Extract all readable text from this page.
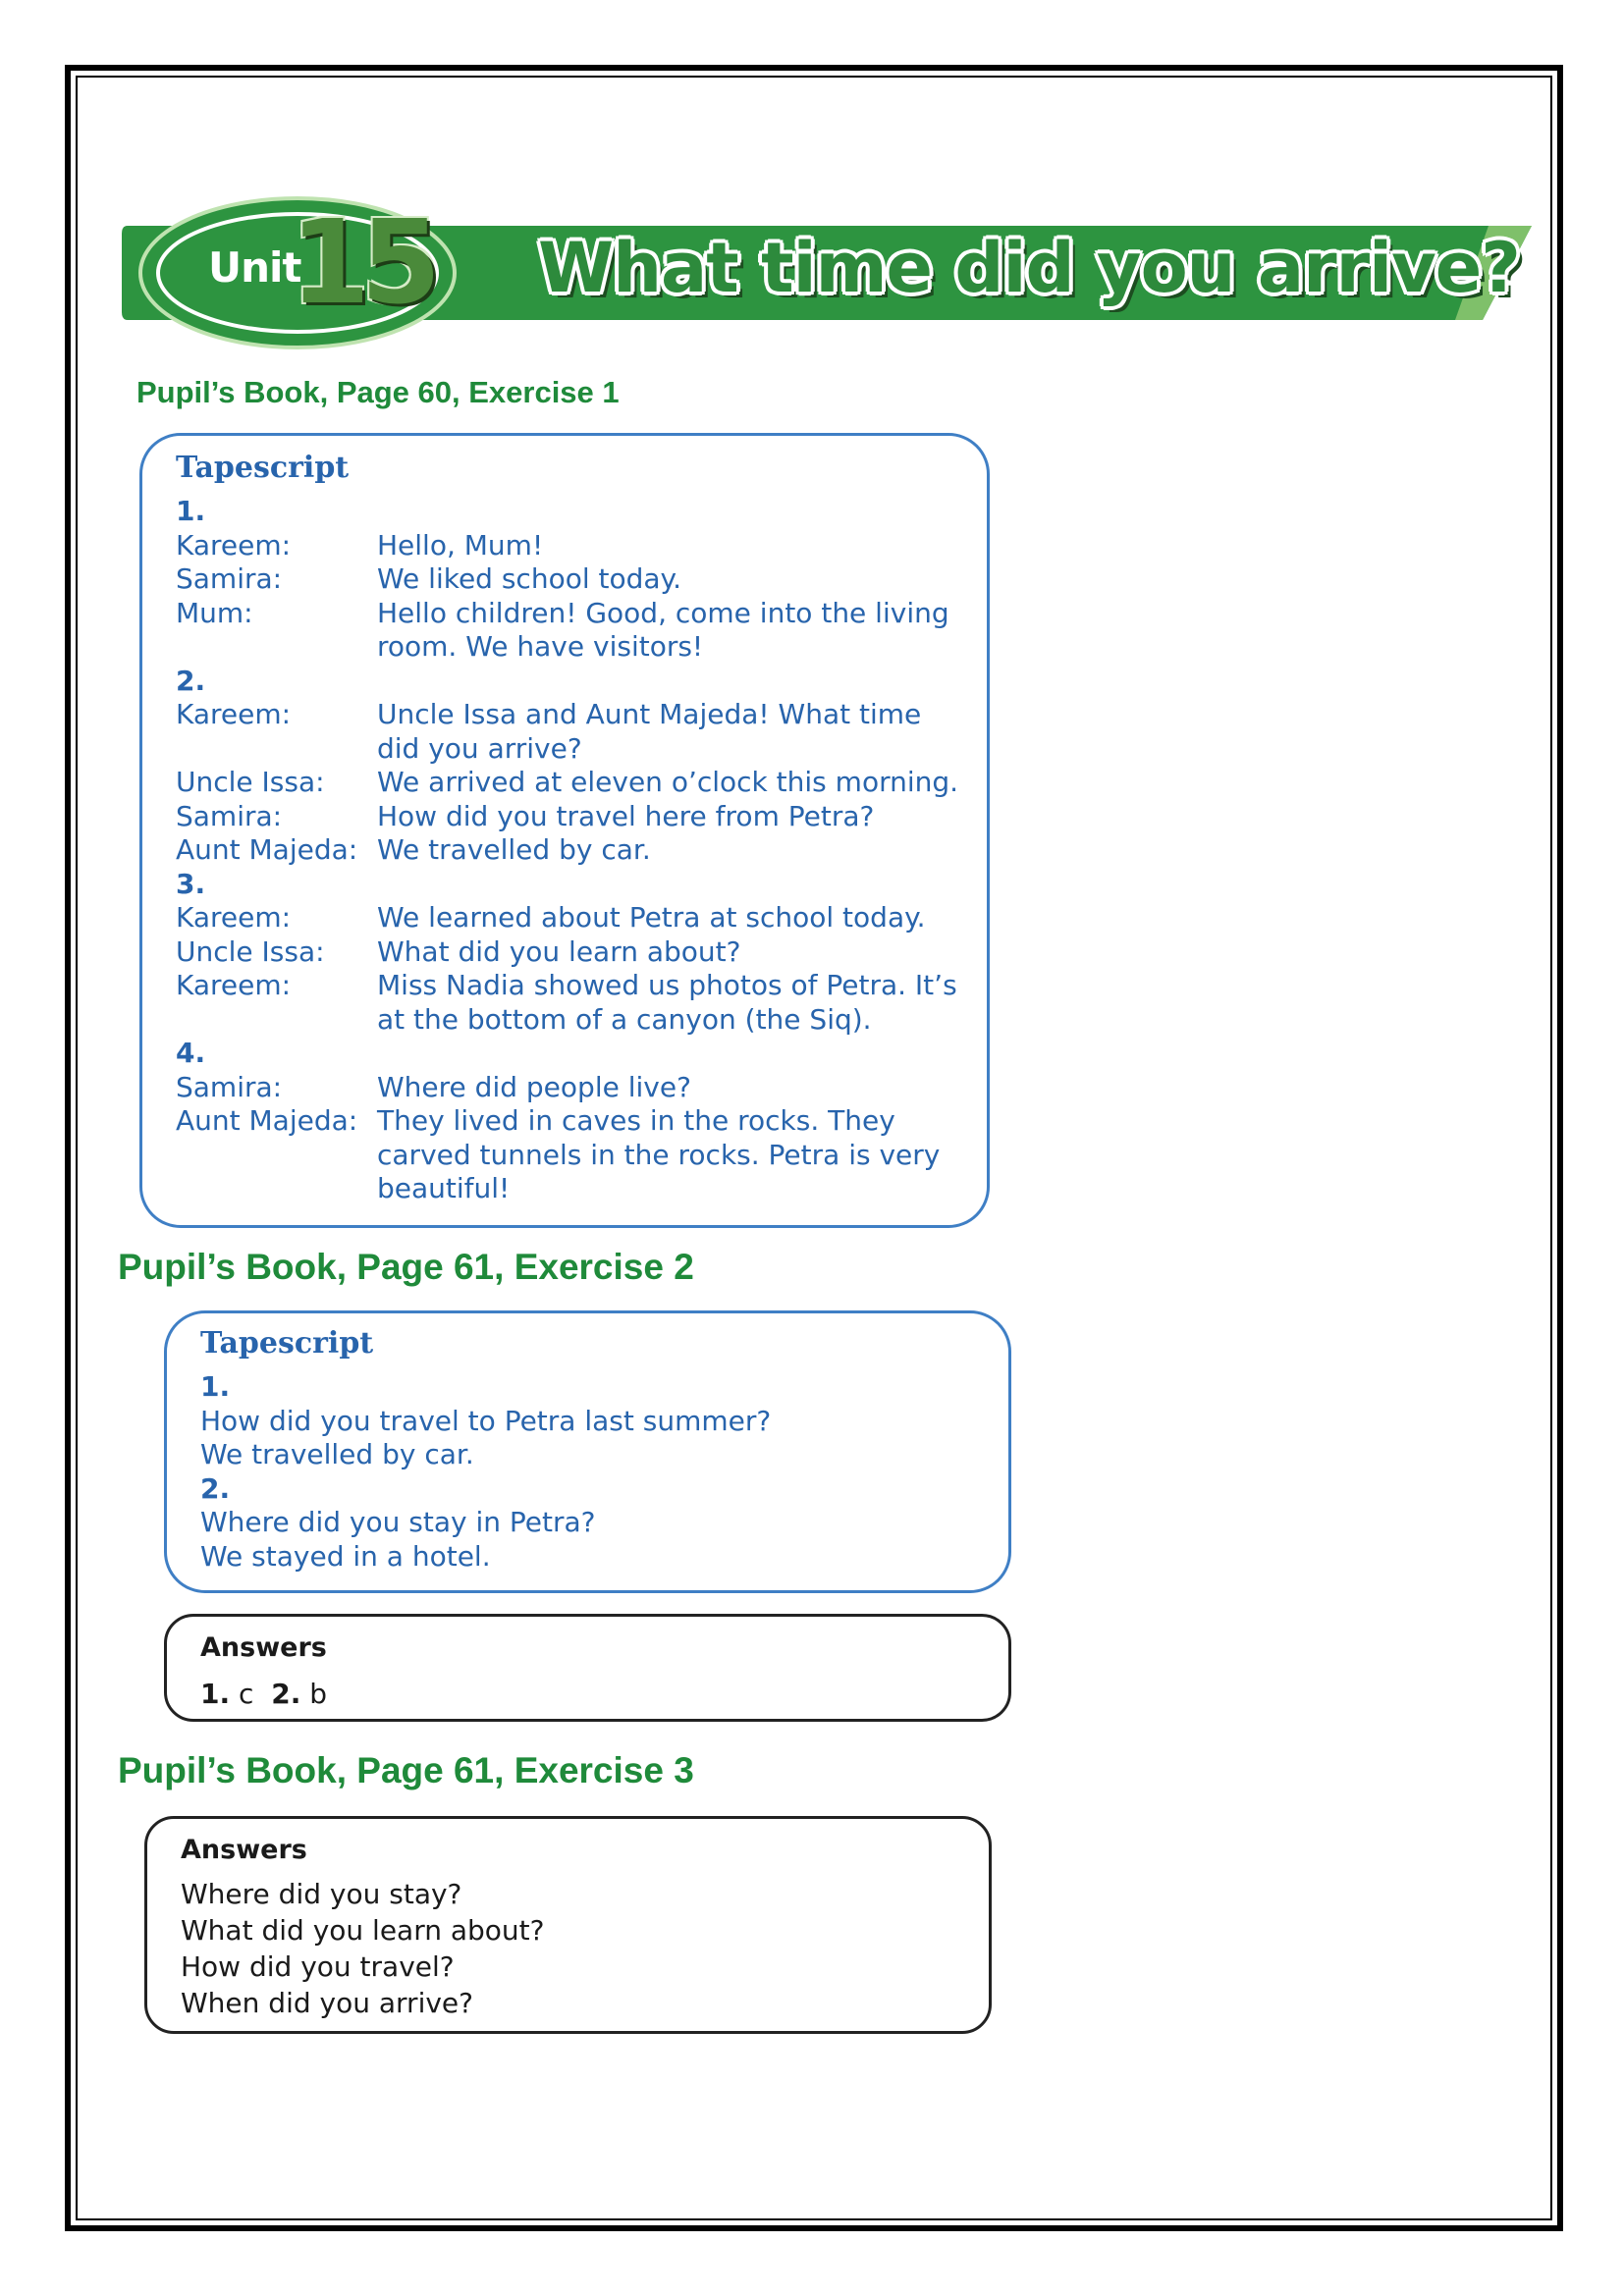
Unit
15 What time did you arrive?
Pupil’s Book, Page 60, Exercise 1
Tapescript
1.
Kareem:	Hello, Mum!
Samira:	We liked school today.
Mum:	Hello children! Good, come into the living
room. We have visitors!
2.
Kareem:	Uncle Issa and Aunt Majeda! What time
did you arrive?
Uncle Issa: We arrived at eleven o’clock this morning.
Samira:	How did you travel here from Petra?
Aunt Majeda: We travelled by car.
3.
Kareem:	We learned about Petra at school today.
Uncle Issa: What did you learn about?
Kareem:	Miss Nadia showed us photos of Petra. It’s
at the bottom of a canyon (the Siq).
4.
Samira:	Where did people live?
Aunt Majeda: They lived in caves in the rocks. They
carved tunnels in the rocks. Petra is very
beautiful!
Pupil’s Book, Page 61, Exercise 2
Tapescript
1.
How did you travel to Petra last summer?
We travelled by car.
2.
Where did you stay in Petra?
We stayed in a hotel.
Answers
1. c 2. b
Pupil’s Book, Page 61, Exercise 3
Answers
Where did you stay?
What did you learn about?
How did you travel?
When did you arrive?
